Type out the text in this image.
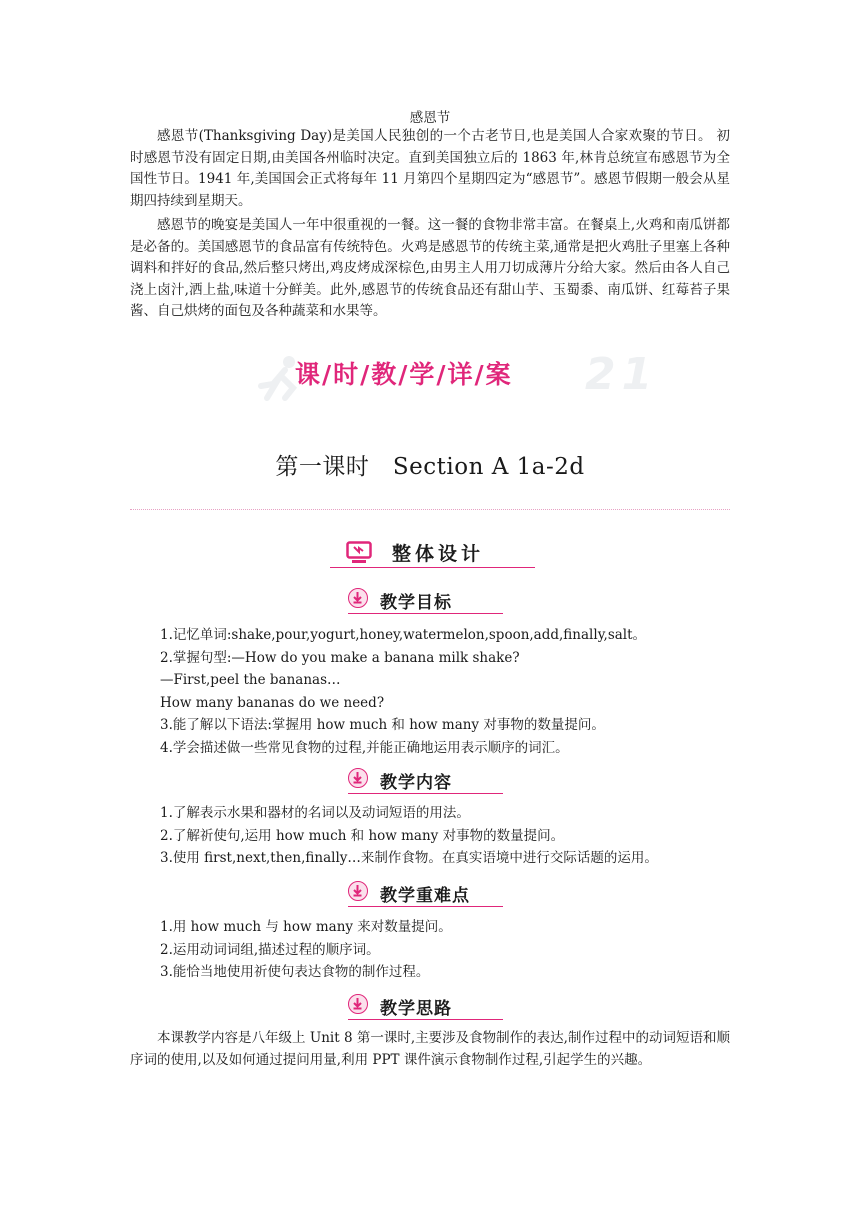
感恩节

感恩节(Thanksgiving Day)是美国人民独创的一个古老节日,也是美国人合家欢聚的节日。 初时感恩节没有固定日期,由美国各州临时决定。直到美国独立后的 1863 年,林肯总统宣布感恩节为全国性节日。1941 年,美国国会正式将每年 11 月第四个星期四定为“感恩节”。感恩节假期一般会从星期四持续到星期天。

感恩节的晚宴是美国人一年中很重视的一餐。这一餐的食物非常丰富。在餐桌上,火鸡和南瓜饼都是必备的。美国感恩节的食品富有传统特色。火鸡是感恩节的传统主菜,通常是把火鸡肚子里塞上各种调料和拌好的食品,然后整只烤出,鸡皮烤成深棕色,由男主人用刀切成薄片分给大家。然后由各人自己浇上卤汁,洒上盐,味道十分鲜美。此外,感恩节的传统食品还有甜山芋、玉蜀黍、南瓜饼、红莓苔子果酱、自己烘烤的面包及各种蔬菜和水果等。

21
课/时/教/学/详/案
第一课时　Section A 1a-2d
整体设计
教学目标
1.记忆单词:shake,pour,yogurt,honey,watermelon,spoon,add,finally,salt。
2.掌握句型:—How do you make a banana milk shake?
—First,peel the bananas…
How many bananas do we need?
3.能了解以下语法:掌握用 how much 和 how many 对事物的数量提问。
4.学会描述做一些常见食物的过程,并能正确地运用表示顺序的词汇。
教学内容
1.了解表示水果和器材的名词以及动词短语的用法。
2.了解祈使句,运用 how much 和 how many 对事物的数量提问。
3.使用 first,next,then,finally…来制作食物。在真实语境中进行交际话题的运用。
教学重难点
1.用 how much 与 how many 来对数量提问。
2.运用动词词组,描述过程的顺序词。
3.能恰当地使用祈使句表达食物的制作过程。
教学思路

本课教学内容是八年级上 Unit 8 第一课时,主要涉及食物制作的表达,制作过程中的动词短语和顺序词的使用,以及如何通过提问用量,利用 PPT 课件演示食物制作过程,引起学生的兴趣。
